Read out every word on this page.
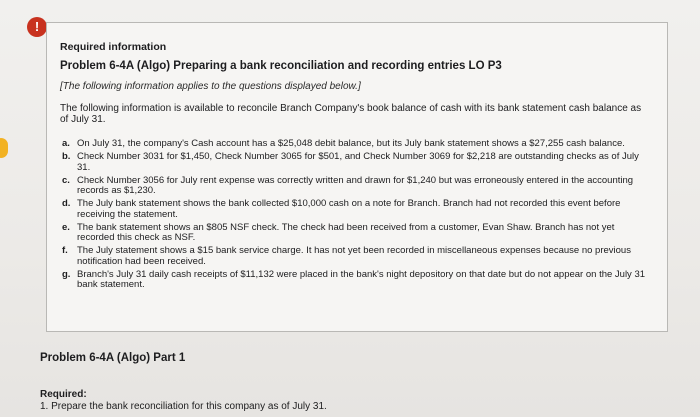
!
Required information
Problem 6-4A (Algo) Preparing a bank reconciliation and recording entries LO P3
[The following information applies to the questions displayed below.]
The following information is available to reconcile Branch Company's book balance of cash with its bank statement cash balance as of July 31.
a. On July 31, the company's Cash account has a $25,048 debit balance, but its July bank statement shows a $27,255 cash balance.
b. Check Number 3031 for $1,450, Check Number 3065 for $501, and Check Number 3069 for $2,218 are outstanding checks as of July 31.
c. Check Number 3056 for July rent expense was correctly written and drawn for $1,240 but was erroneously entered in the accounting records as $1,230.
d. The July bank statement shows the bank collected $10,000 cash on a note for Branch. Branch had not recorded this event before receiving the statement.
e. The bank statement shows an $805 NSF check. The check had been received from a customer, Evan Shaw. Branch has not yet recorded this check as NSF.
f. The July statement shows a $15 bank service charge. It has not yet been recorded in miscellaneous expenses because no previous notification had been received.
g. Branch's July 31 daily cash receipts of $11,132 were placed in the bank's night depository on that date but do not appear on the July 31 bank statement.
Problem 6-4A (Algo) Part 1
Required:
1. Prepare the bank reconciliation for this company as of July 31.
